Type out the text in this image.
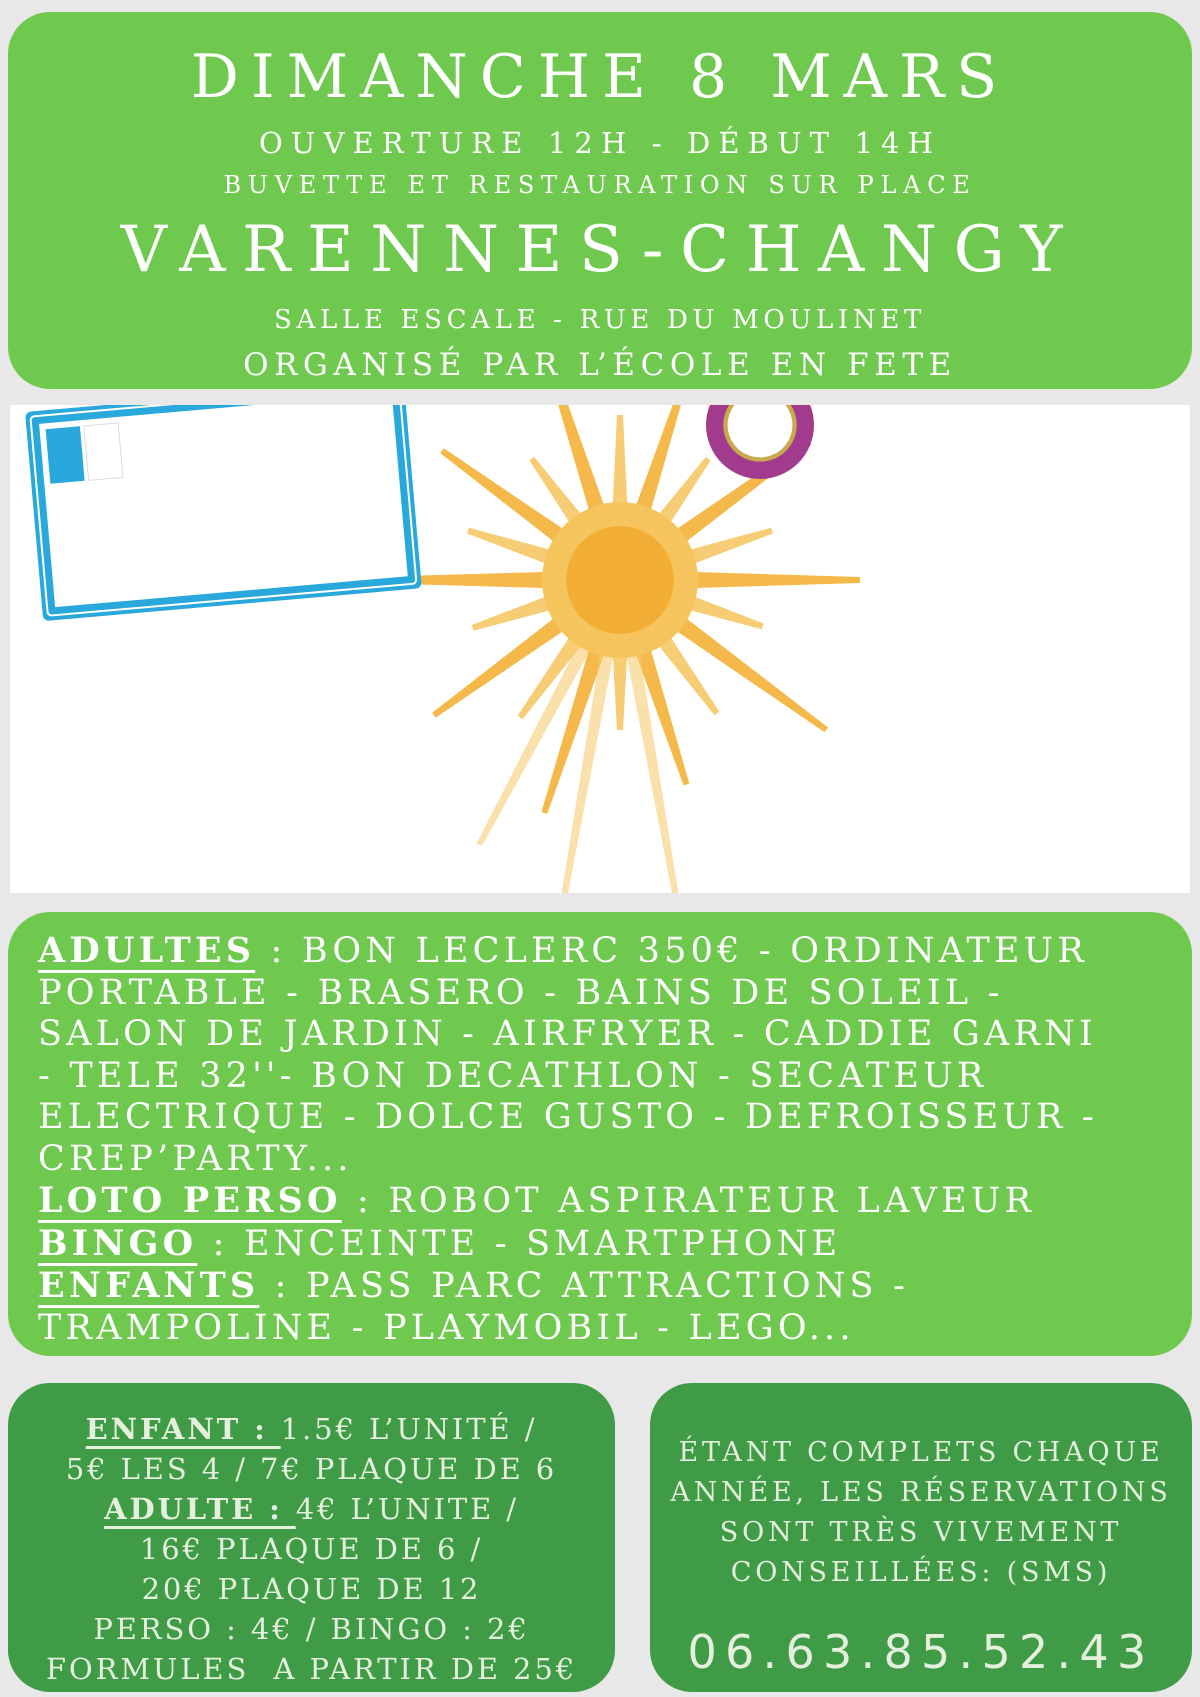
DIMANCHE 8 MARS
OUVERTURE 12H - DÉBUT 14H
BUVETTE ET RESTAURATION SUR PLACE
VARENNES-CHANGY
SALLE ESCALE - RUE DU MOULINET
ORGANISÉ PAR L’ÉCOLE EN FETE
ADULTES : BON LECLERC 350€ - ORDINATEUR
PORTABLE - BRASERO - BAINS DE SOLEIL -
SALON DE JARDIN - AIRFRYER - CADDIE GARNI
- TELE 32''- BON DECATHLON - SECATEUR
ELECTRIQUE - DOLCE GUSTO - DEFROISSEUR -
CREP’PARTY...
LOTO PERSO : ROBOT ASPIRATEUR LAVEUR
BINGO : ENCEINTE - SMARTPHONE
ENFANTS : PASS PARC ATTRACTIONS -
TRAMPOLINE - PLAYMOBIL - LEGO...
ENFANT : 1.5€ L’UNITÉ /
5€ LES 4 / 7€ PLAQUE DE 6
ADULTE : 4€ L’UNITE /
16€ PLAQUE DE 6 /
20€ PLAQUE DE 12
PERSO : 4€ / BINGO : 2€
FORMULES  A PARTIR DE 25€
ÉTANT COMPLETS CHAQUE
ANNÉE, LES RÉSERVATIONS
SONT TRÈS VIVEMENT
CONSEILLÉES: (SMS)
06.63.85.52.43
